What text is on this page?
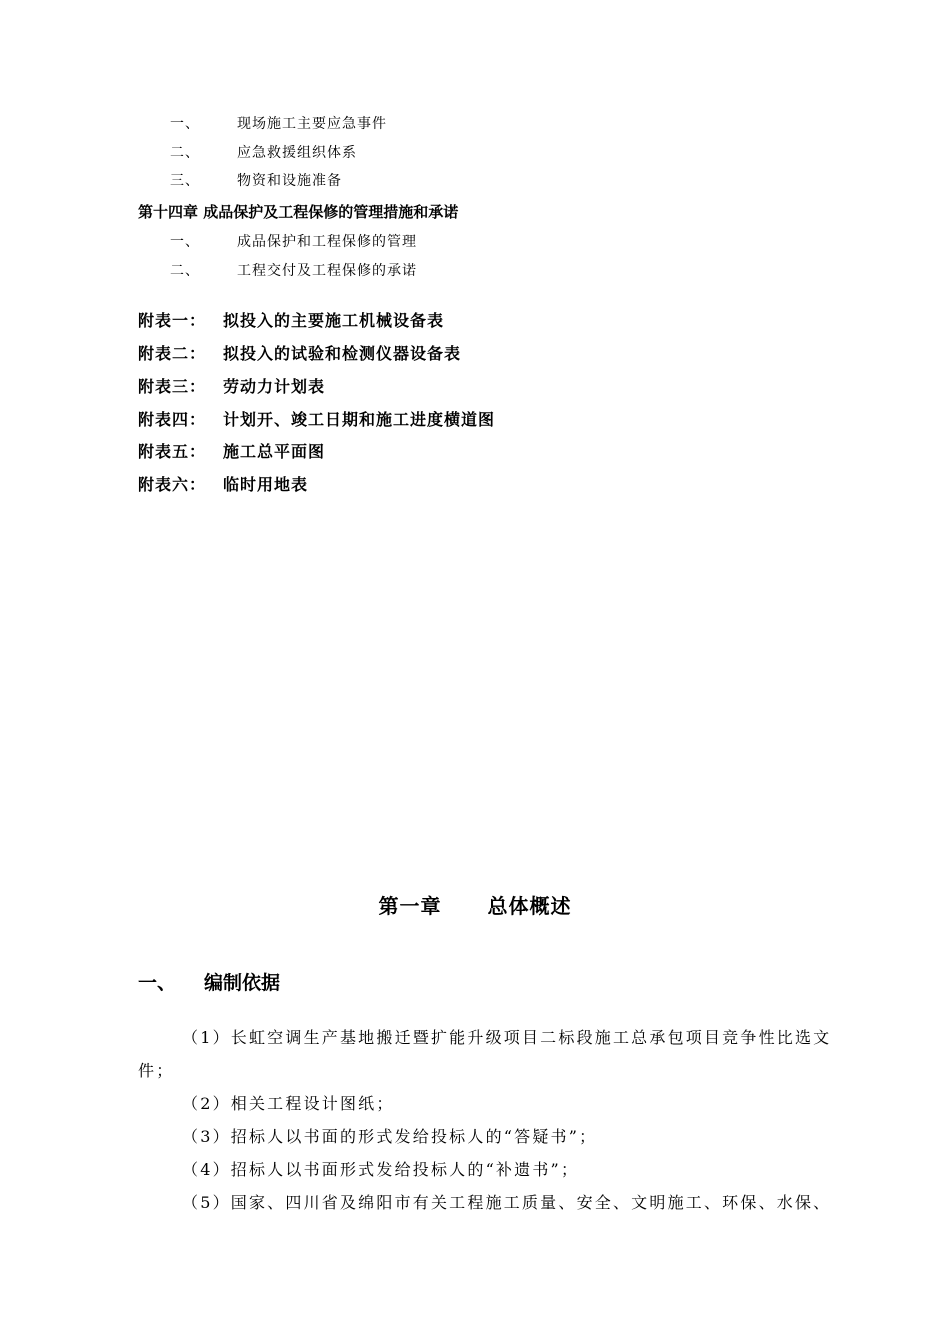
一、	现场施工主要应急事件
二、	应急救援组织体系
三、	物资和设施准备
第十四章 成品保护及工程保修的管理措施和承诺
一、	成品保护和工程保修的管理
二、	工程交付及工程保修的承诺
附表一： 拟投入的主要施工机械设备表
附表二： 拟投入的试验和检测仪器设备表
附表三： 劳动力计划表
附表四： 计划开、竣工日期和施工进度横道图
附表五： 施工总平面图
附表六： 临时用地表
第一章 总体概述
一、 编制依据
（1）长虹空调生产基地搬迁暨扩能升级项目二标段施工总承包项目竞争性比选文件；
（2）相关工程设计图纸；
（3）招标人以书面的形式发给投标人的“答疑书”；
（4）招标人以书面形式发给投标人的“补遗书”；
（5）国家、四川省及绵阳市有关工程施工质量、安全、文明施工、环保、水保、
